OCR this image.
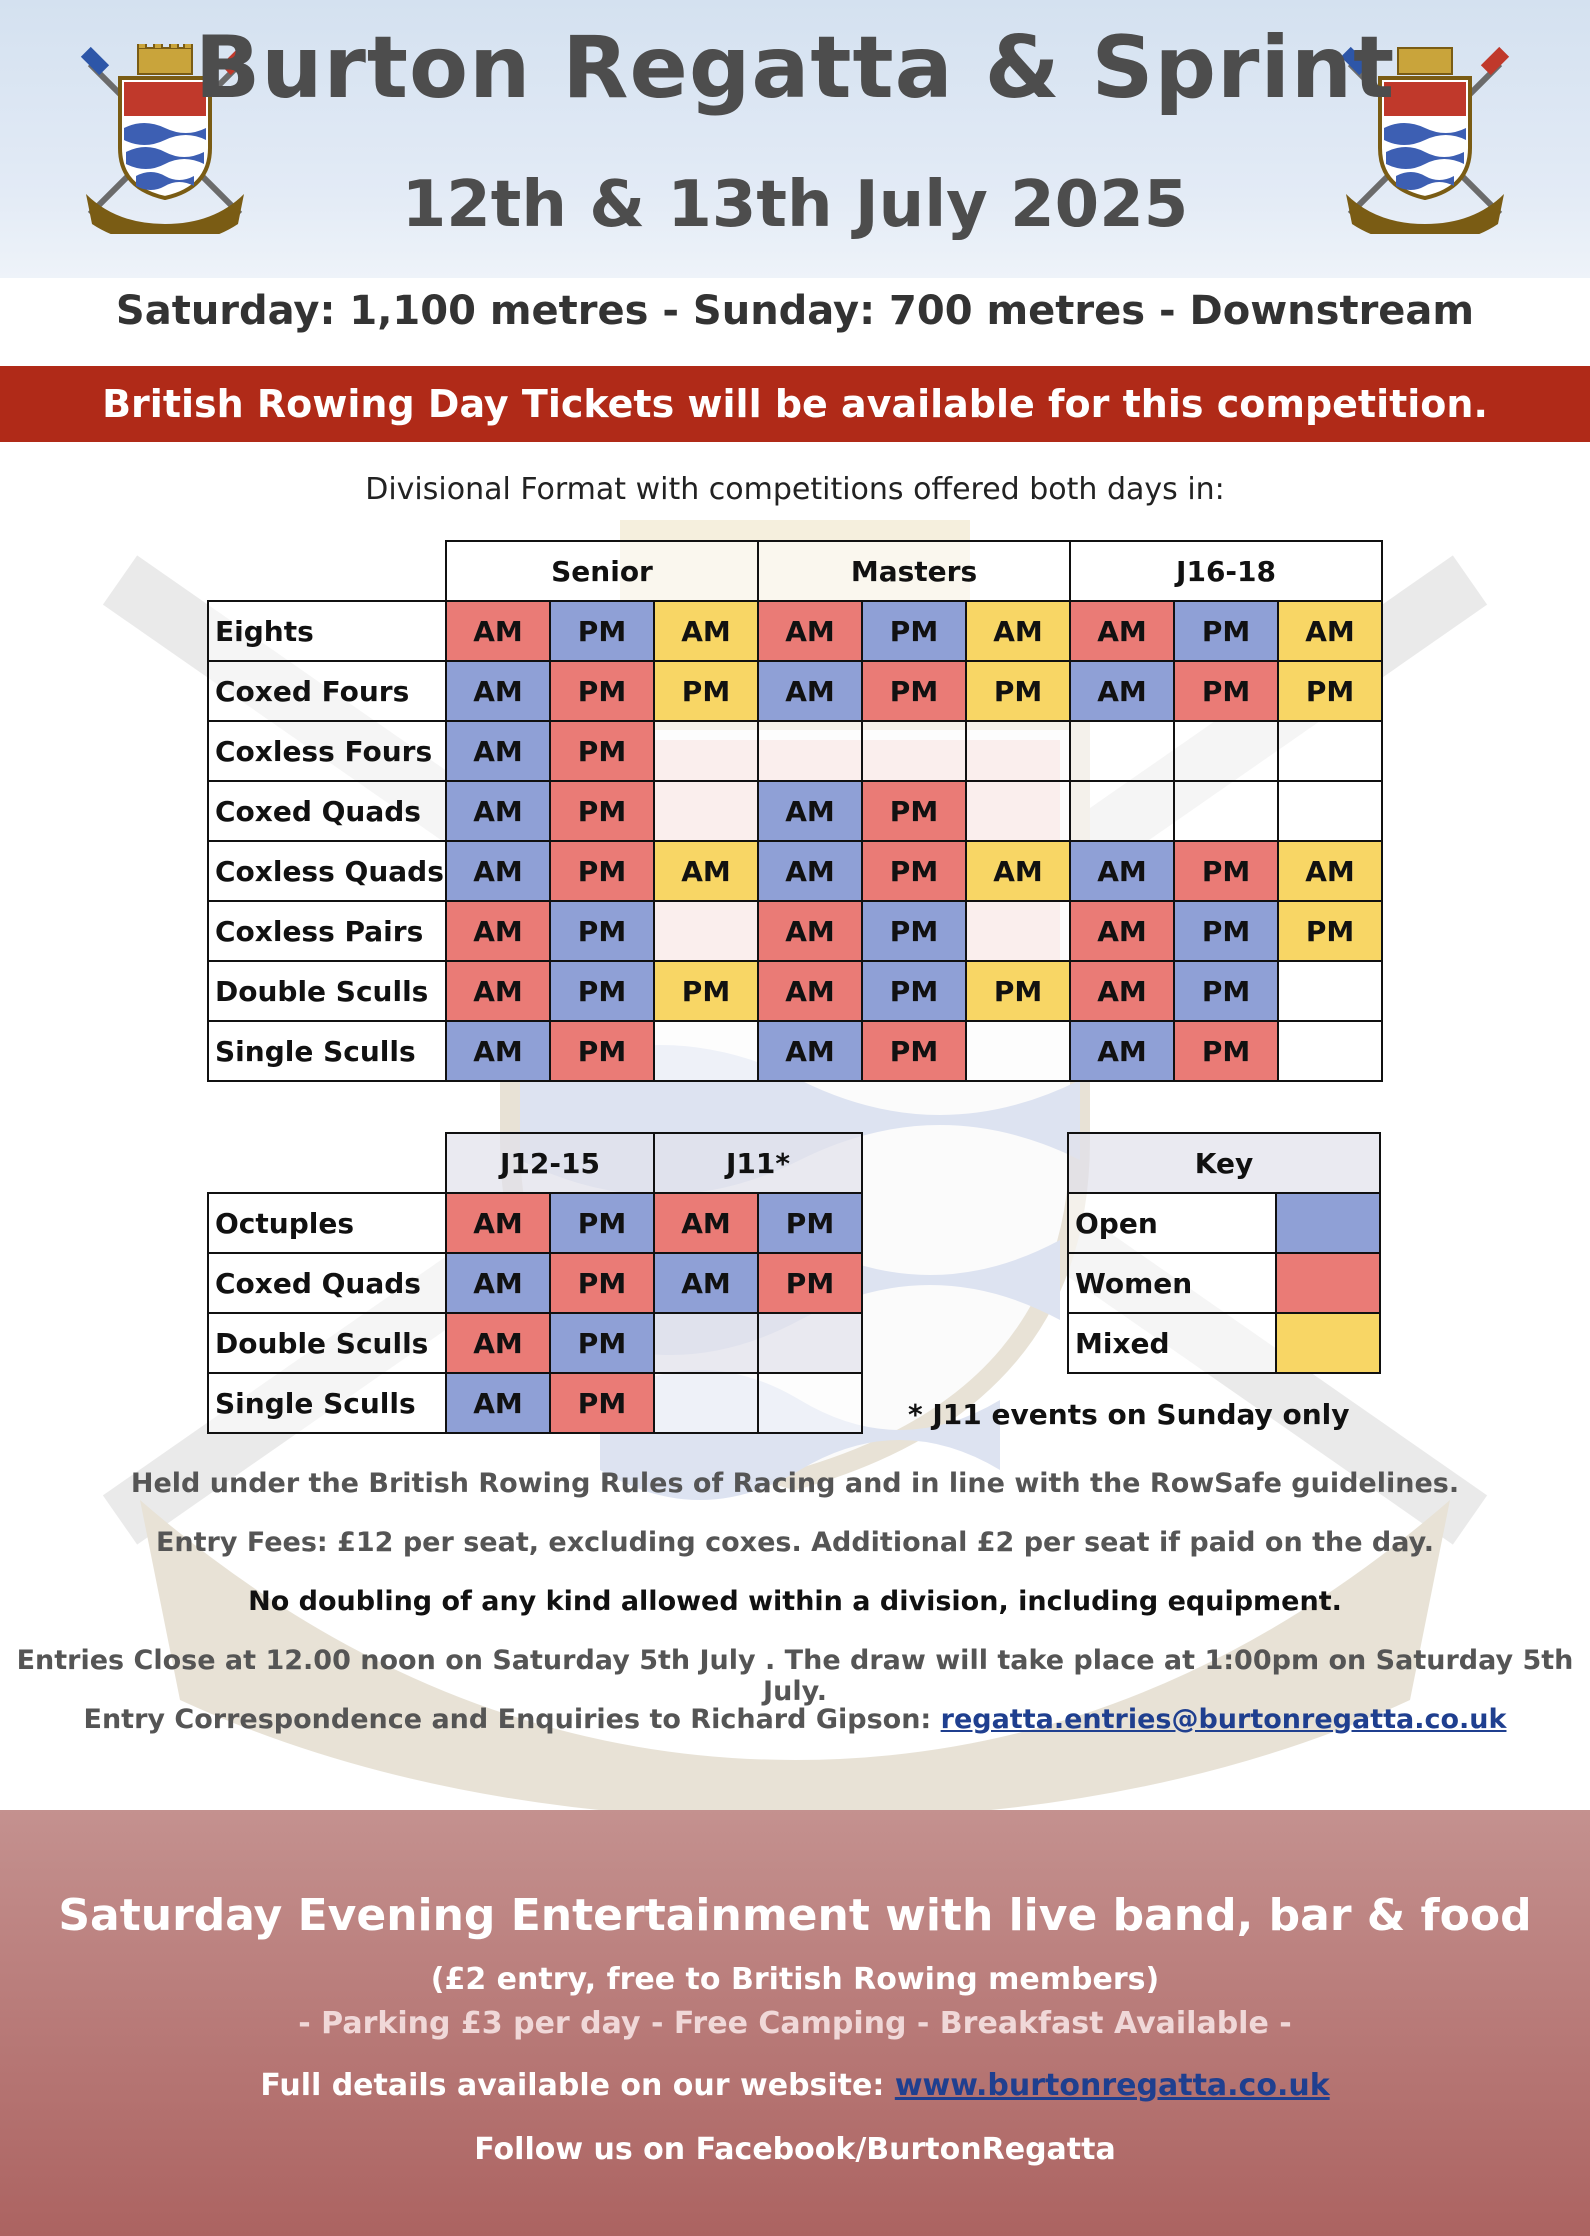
Burton Regatta & Sprint
12th & 13th July 2025
Saturday: 1,100 metres - Sunday: 700 metres - Downstream
British Rowing Day Tickets will be available for this competition.
Divisional Format with competitions offered both days in:
	Senior			Masters			J16-18		
Eights	AM	PM	AM	AM	PM	AM	AM	PM	AM
Coxed Fours	AM	PM	PM	AM	PM	PM	AM	PM	PM
Coxless Fours	AM	PM							
Coxed Quads	AM	PM		AM	PM				
Coxless Quads	AM	PM	AM	AM	PM	AM	AM	PM	AM
Coxless Pairs	AM	PM		AM	PM		AM	PM	PM
Double Sculls	AM	PM	PM	AM	PM	PM	AM	PM	
Single Sculls	AM	PM		AM	PM		AM	PM	
	J12-15		J11*	
Octuples	AM	PM	AM	PM
Coxed Quads	AM	PM	AM	PM
Double Sculls	AM	PM		
Single Sculls	AM	PM		
Key	
Open	
Women	
Mixed	
* J11 events on Sunday only
Held under the British Rowing Rules of Racing and in line with the RowSafe guidelines.
Entry Fees: £12 per seat, excluding coxes. Additional £2 per seat if paid on the day.
No doubling of any kind allowed within a division, including equipment.
Entries Close at 12.00 noon on Saturday 5th July . The draw will take place at 1:00pm on Saturday 5th July.
Entry Correspondence and Enquiries to Richard Gipson: regatta.entries@burtonregatta.co.uk
Saturday Evening Entertainment with live band, bar & food
(£2 entry, free to British Rowing members)
- Parking £3 per day - Free Camping - Breakfast Available -
Full details available on our website: www.burtonregatta.co.uk
Follow us on Facebook/BurtonRegatta
